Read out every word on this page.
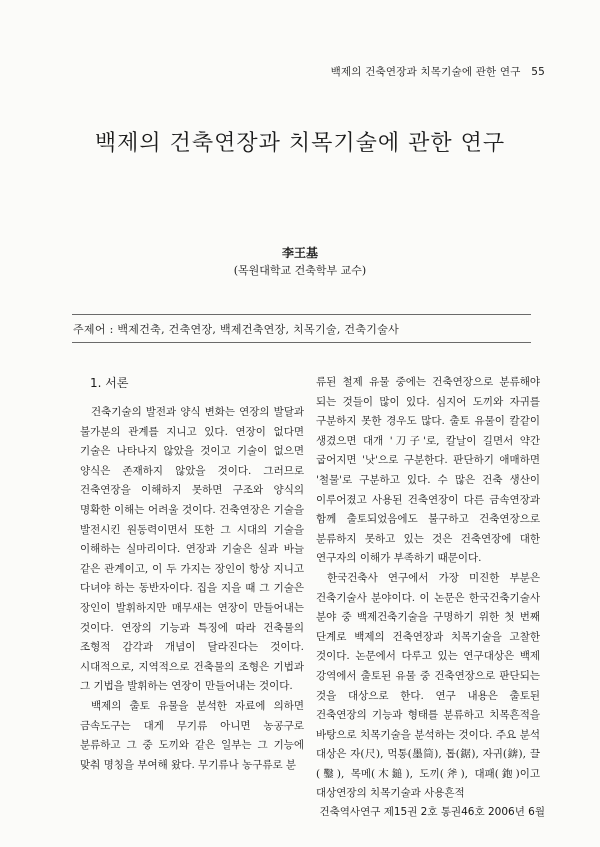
백제의 건축연장과 치목기술에 관한 연구 55
백제의 건축연장과 치목기술에 관한 연구
李王基
(목원대학교 건축학부 교수)
주제어 : 백제건축, 건축연장, 백제건축연장, 치목기술, 건축기술사
1. 서론

건축기술의 발전과 양식 변화는 연장의 발달과 불가분의 관계를 지니고 있다. 연장이 없다면 기술은 나타나지 않았을 것이고 기술이 없으면 양식은 존재하지 않았을 것이다. 그러므로 건축연장을 이해하지 못하면 구조와 양식의 명확한 이해는 어려울 것이다. 건축연장은 기술을 발전시킨 원동력이면서 또한 그 시대의 기술을 이해하는 실마리이다. 연장과 기술은 실과 바늘 같은 관계이고, 이 두 가지는 장인이 항상 지니고 다녀야 하는 동반자이다. 집을 지을 때 그 기술은 장인이 발휘하지만 매무새는 연장이 만들어내는 것이다. 연장의 기능과 특징에 따라 건축물의 조형적 감각과 개념이 달라진다는 것이다. 시대적으로, 지역적으로 건축물의 조형은 기법과 그 기법을 발휘하는 연장이 만들어내는 것이다.

백제의 출토 유물을 분석한 자료에 의하면 금속도구는 대게 무기류 아니면 농공구로 분류하고 그 중 도끼와 같은 일부는 그 기능에 맞춰 명칭을 부여해 왔다. 무기류나 농구류로 분

류된 철제 유물 중에는 건축연장으로 분류해야 되는 것들이 많이 있다. 심지어 도끼와 자귀를 구분하지 못한 경우도 많다. 출토 유물이 칼같이 생겼으면 대개 '刀子'로, 칼날이 길면서 약간 굽어지면 '낫'으로 구분한다. 판단하기 애매하면 '철물'로 구분하고 있다. 수 많은 건축 생산이 이루어졌고 사용된 건축연장이 다른 금속연장과 함께 출토되었음에도 불구하고 건축연장으로 분류하지 못하고 있는 것은 건축연장에 대한 연구자의 이해가 부족하기 때문이다.

한국건축사 연구에서 가장 미진한 부분은 건축기술사 분야이다. 이 논문은 한국건축기술사 분야 중 백제건축기술을 구명하기 위한 첫 번째 단계로 백제의 건축연장과 치목기술을 고찰한 것이다. 논문에서 다루고 있는 연구대상은 백제 강역에서 출토된 유물 중 건축연장으로 판단되는 것을 대상으로 한다. 연구 내용은 출토된 건축연장의 기능과 형태를 분류하고 치목흔적을 바탕으로 치목기술을 분석하는 것이다. 주요 분석 대상은 자(尺), 먹통(墨筒), 톱(鋸), 자귀(錛), 끌(鑿), 목메(木鎚), 도끼(斧), 대패(鉋)이고 대상연장의 치목기술과 사용흔적

건축역사연구 제15권 2호 통권46호 2006년 6월
